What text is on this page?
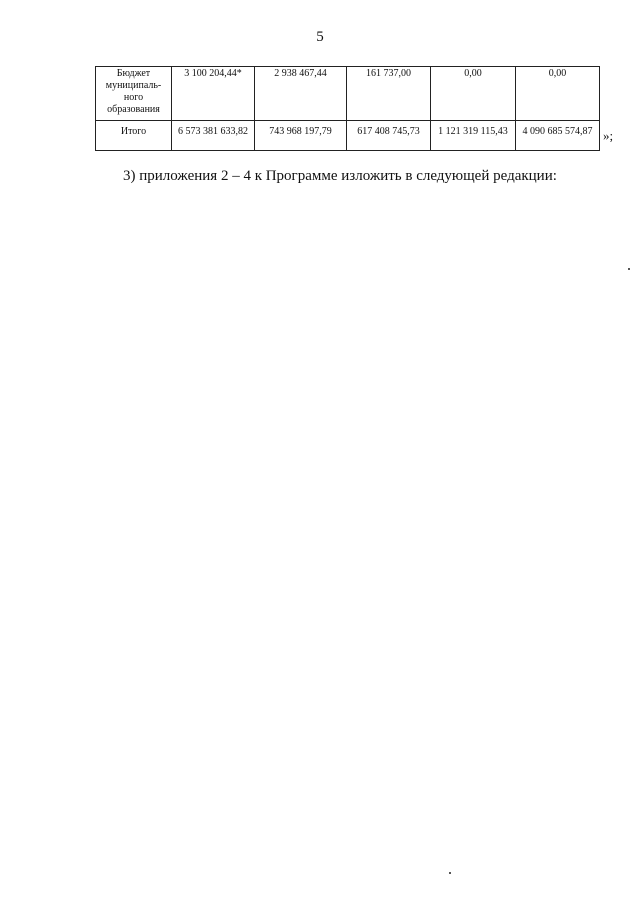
5
Бюджет муниципаль-ного образования	3 100 204,44*	2 938 467,44	161 737,00	0,00	0,00
Итого	6 573 381 633,82	743 968 197,79	617 408 745,73	1 121 319 115,43	4 090 685 574,87 »;
3) приложения 2 – 4 к Программе изложить в следующей редакции:
